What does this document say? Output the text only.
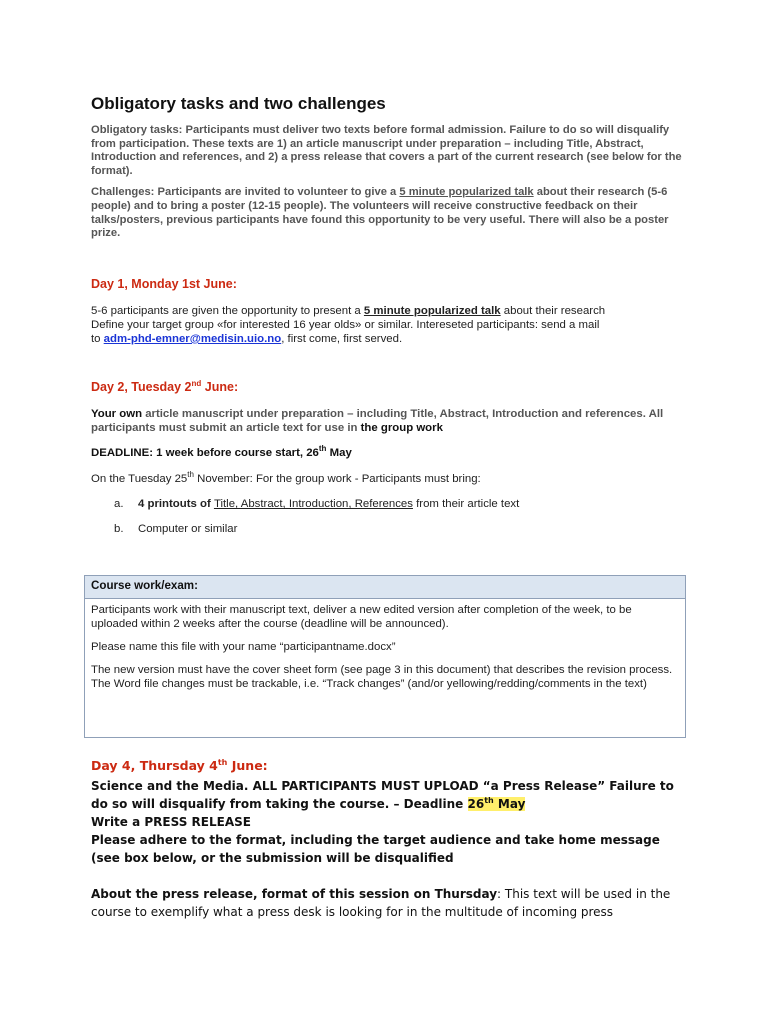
Obligatory tasks and two challenges

Obligatory tasks: Participants must deliver two texts before formal admission. Failure to do so will disqualify from participation. These texts are 1) an article manuscript under preparation – including Title, Abstract, Introduction and references, and 2) a press release that covers a part of the current research (see below for the format).

Challenges: Participants are invited to volunteer to give a 5 minute popularized talk about their research (5-6 people) and to bring a poster (12-15 people). The volunteers will receive constructive feedback on their talks/posters, previous participants have found this opportunity to be very useful. There will also be a poster prize.

Day 1, Monday 1st June:

5-6 participants are given the opportunity to present a 5 minute popularized talk about their research

Define your target group «for interested 16 year olds» or similar. Intereseted participants: send a mail

to adm-phd-emner@medisin.uio.no, first come, first served.

Day 2, Tuesday 2nd June:

Your own article manuscript under preparation – including Title, Abstract, Introduction and references. All participants must submit an article text for use in the group work

DEADLINE: 1 week before course start, 26th May
On the Tuesday 25th November: For the group work - Participants must bring:
a. 4 printouts of Title, Abstract, Introduction, References from their article text
b. Computer or similar
Course work/exam:

Participants work with their manuscript text, deliver a new edited version after completion of the week, to be uploaded within 2 weeks after the course (deadline will be announced).

Please name this file with your name “participantname.docx”

The new version must have the cover sheet form (see page 3 in this document) that describes the revision process. The Word file changes must be trackable, i.e. “Track changes” (and/or yellowing/redding/comments in the text)

Day 4, Thursday 4th June:

Science and the Media. ALL PARTICIPANTS MUST UPLOAD “a Press Release” Failure to do so will disqualify from taking the course. – Deadline 26th May

Write a PRESS RELEASE

Please adhere to the format, including the target audience and take home message (see box below, or the submission will be disqualified

About the press release, format of this session on Thursday: This text will be used in the course to exemplify what a press desk is looking for in the multitude of incoming press
